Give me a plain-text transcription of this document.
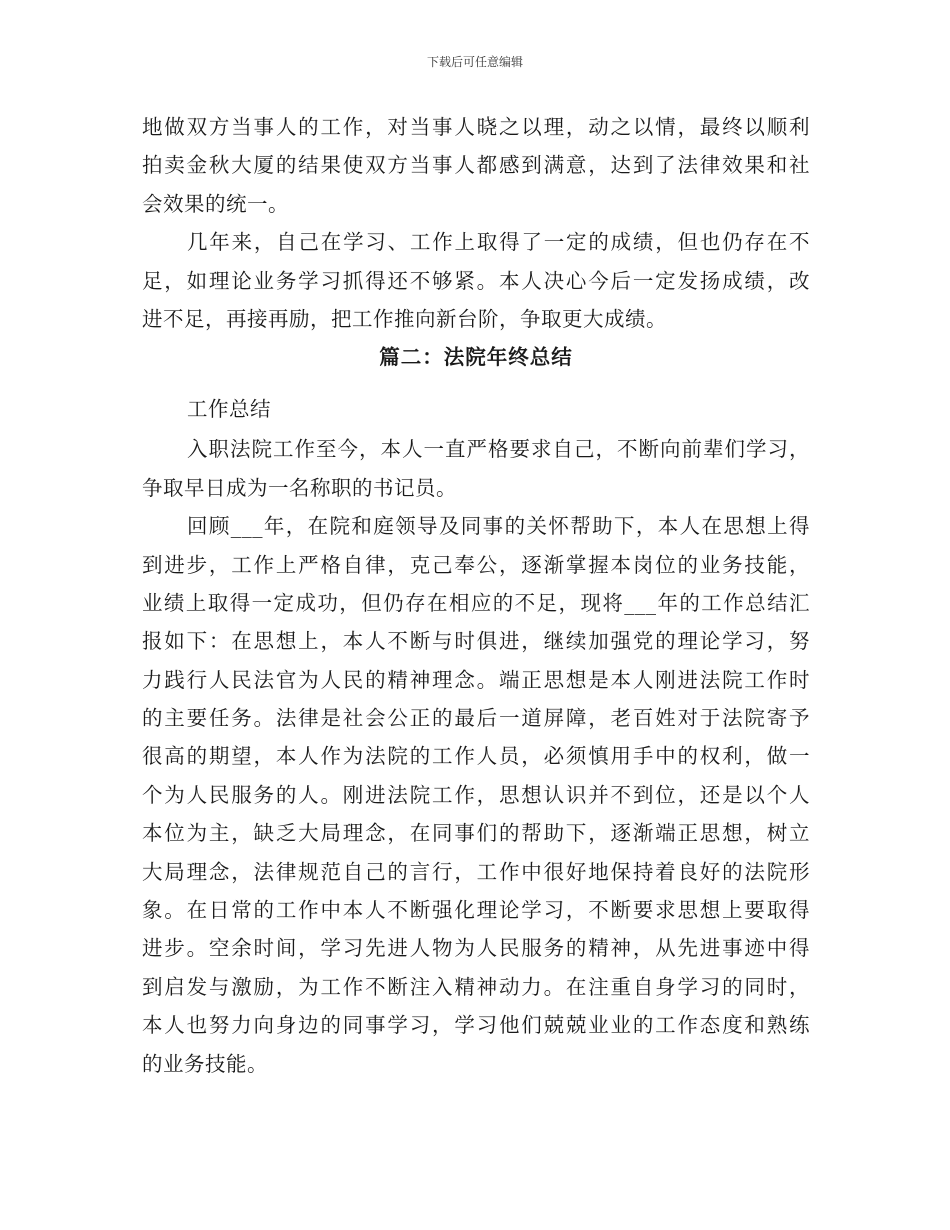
下载后可任意编辑
地做双方当事人的工作，对当事人晓之以理，动之以情，最终以顺利
拍卖金秋大厦的结果使双方当事人都感到满意，达到了法律效果和社
会效果的统一。
几年来，自己在学习、工作上取得了一定的成绩，但也仍存在不
足，如理论业务学习抓得还不够紧。本人决心今后一定发扬成绩，改
进不足，再接再励，把工作推向新台阶，争取更大成绩。
篇二：法院年终总结
工作总结
入职法院工作至今，本人一直严格要求自己，不断向前辈们学习，
争取早日成为一名称职的书记员。
回顾___年，在院和庭领导及同事的关怀帮助下，本人在思想上得
到进步，工作上严格自律，克己奉公，逐渐掌握本岗位的业务技能，
业绩上取得一定成功，但仍存在相应的不足，现将___年的工作总结汇
报如下：在思想上，本人不断与时俱进，继续加强党的理论学习，努
力践行人民法官为人民的精神理念。端正思想是本人刚进法院工作时
的主要任务。法律是社会公正的最后一道屏障，老百姓对于法院寄予
很高的期望，本人作为法院的工作人员，必须慎用手中的权利，做一
个为人民服务的人。刚进法院工作，思想认识并不到位，还是以个人
本位为主，缺乏大局理念，在同事们的帮助下，逐渐端正思想，树立
大局理念，法律规范自己的言行，工作中很好地保持着良好的法院形
象。在日常的工作中本人不断强化理论学习，不断要求思想上要取得
进步。空余时间，学习先进人物为人民服务的精神，从先进事迹中得
到启发与激励，为工作不断注入精神动力。在注重自身学习的同时，
本人也努力向身边的同事学习，学习他们兢兢业业的工作态度和熟练
的业务技能。
